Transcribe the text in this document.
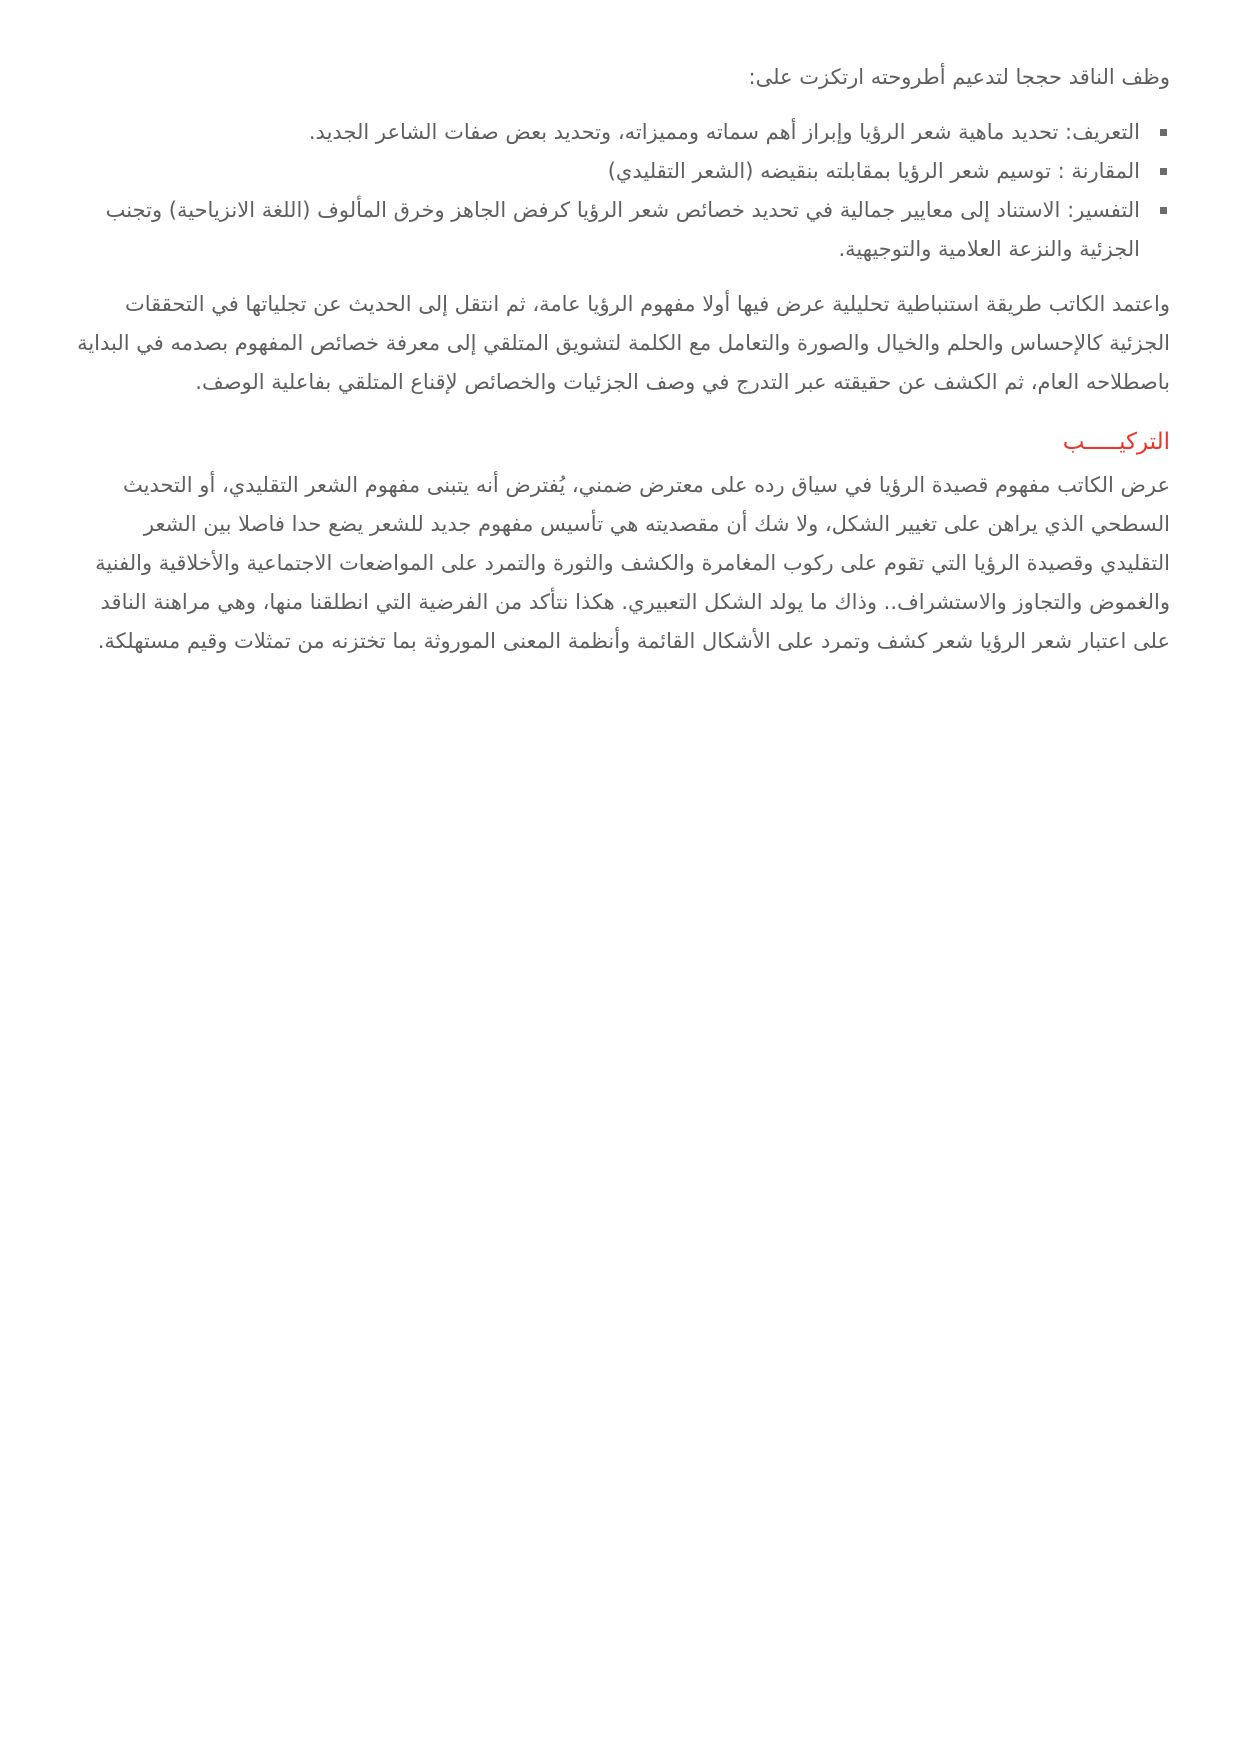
وظف الناقد حججا لتدعيم أطروحته ارتكزت على:

التعريف: تحديد ماهية شعر الرؤيا وإبراز أهم سماته ومميزاته، وتحديد بعض صفات الشاعر الجديد.
المقارنة : توسيم شعر الرؤيا بمقابلته بنقيضه (الشعر التقليدي)
التفسير: الاستناد إلى معايير جمالية في تحديد خصائص شعر الرؤيا كرفض الجاهز وخرق المألوف (اللغة الانزياحية) وتجنب الجزئية والنزعة العلامية والتوجيهية.

واعتمد الكاتب طريقة استنباطية تحليلية عرض فيها أولا مفهوم الرؤيا عامة، ثم انتقل إلى الحديث عن تجلياتها في التحققات الجزئية كالإحساس والحلم والخيال والصورة والتعامل مع الكلمة لتشويق المتلقي إلى معرفة خصائص المفهوم بصدمه في البداية باصطلاحه العام، ثم الكشف عن حقيقته عبر التدرج في وصف الجزئيات والخصائص لإقناع المتلقي بفاعلية الوصف.

التركيـــــب

عرض الكاتب مفهوم قصيدة الرؤيا في سياق رده على معترض ضمني، يُفترض أنه يتبنى مفهوم الشعر التقليدي، أو التحديث السطحي الذي يراهن على تغيير الشكل، ولا شك أن مقصديته هي تأسيس مفهوم جديد للشعر يضع حدا فاصلا بين الشعر التقليدي وقصيدة الرؤيا التي تقوم على ركوب المغامرة والكشف والثورة والتمرد على المواضعات الاجتماعية والأخلاقية والفنية والغموض والتجاوز والاستشراف.. وذاك ما يولد الشكل التعبيري. هكذا نتأكد من الفرضية التي انطلقنا منها، وهي مراهنة الناقد على اعتبار شعر الرؤيا شعر كشف وتمرد على الأشكال القائمة وأنظمة المعنى الموروثة بما تختزنه من تمثلات وقيم مستهلكة.
